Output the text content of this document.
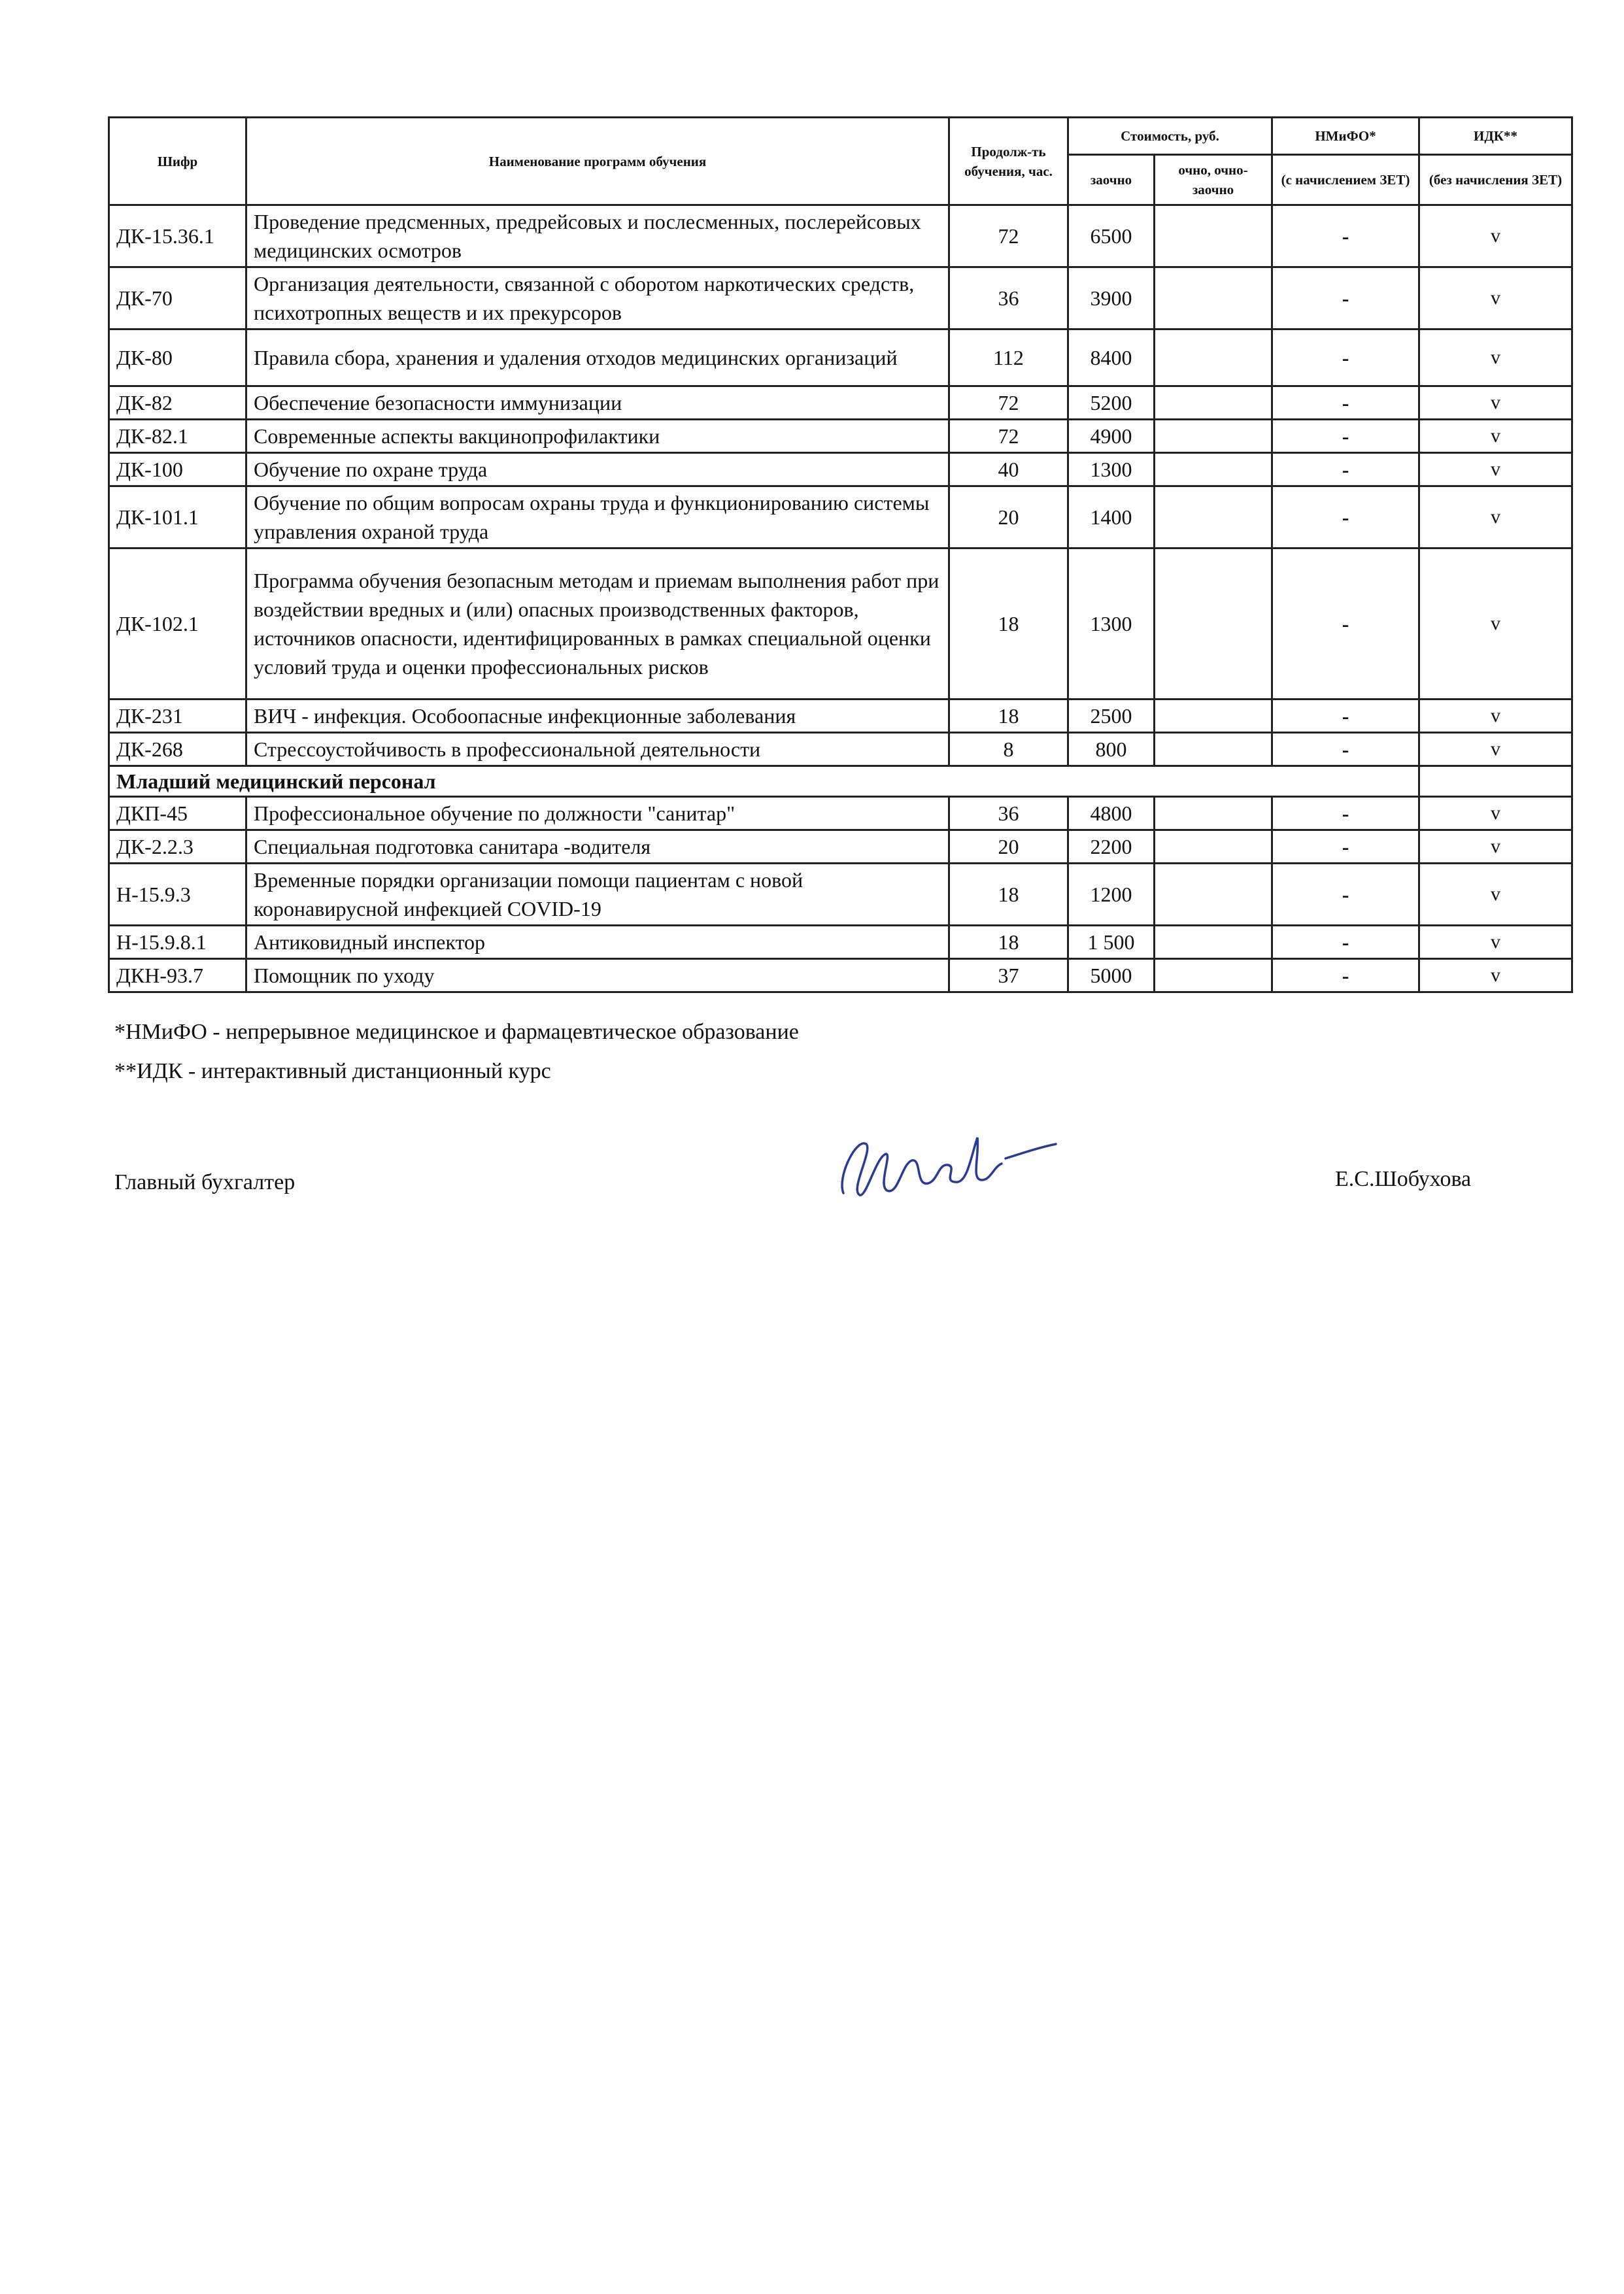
Шифр	Наименование программ обучения	Продолж-ть обучения, час.	Стоимость, руб.		НМиФО*	ИДК**
			заочно	очно, очно-заочно	(с начислением ЗЕТ)	(без начисления ЗЕТ)
ДК-15.36.1	Проведение предсменных, предрейсовых и послесменных, послерейсовых медицинских осмотров	72	6500		-	v
ДК-70	Организация деятельности, связанной с оборотом наркотических средств, психотропных веществ и их прекурсоров	36	3900		-	v
ДК-80	Правила сбора, хранения и удаления отходов медицинских организаций	112	8400		-	v
ДК-82	Обеспечение безопасности иммунизации	72	5200		-	v
ДК-82.1	Современные аспекты вакцинопрофилактики	72	4900		-	v
ДК-100	Обучение по охране труда	40	1300		-	v
ДК-101.1	Обучение по общим вопросам охраны труда и функционированию системы управления охраной труда	20	1400		-	v
ДК-102.1	Программа обучения безопасным методам и приемам выполнения работ при воздействии вредных и (или) опасных производственных факторов, источников опасности, идентифицированных в рамках специальной оценки условий труда и оценки профессиональных рисков	18	1300		-	v
ДК-231	ВИЧ - инфекция. Особоопасные инфекционные заболевания	18	2500		-	v
ДК-268	Стрессоустойчивость в профессиональной деятельности	8	800		-	v
Младший медицинский персонал						
ДКП-45	Профессиональное обучение по должности "санитар"	36	4800		-	v
ДК-2.2.3	Специальная подготовка санитара -водителя	20	2200		-	v
Н-15.9.3	Временные порядки организации помощи пациентам с новой коронавирусной инфекцией COVID-19	18	1200		-	v
Н-15.9.8.1	Антиковидный инспектор	18	1 500		-	v
ДКН-93.7	Помощник по уходу	37	5000		-	v
*НМиФО - непрерывное медицинское и фармацевтическое образование
**ИДК - интерактивный дистанционный курс
Главный бухгалтер	Е.С.Шобухова
